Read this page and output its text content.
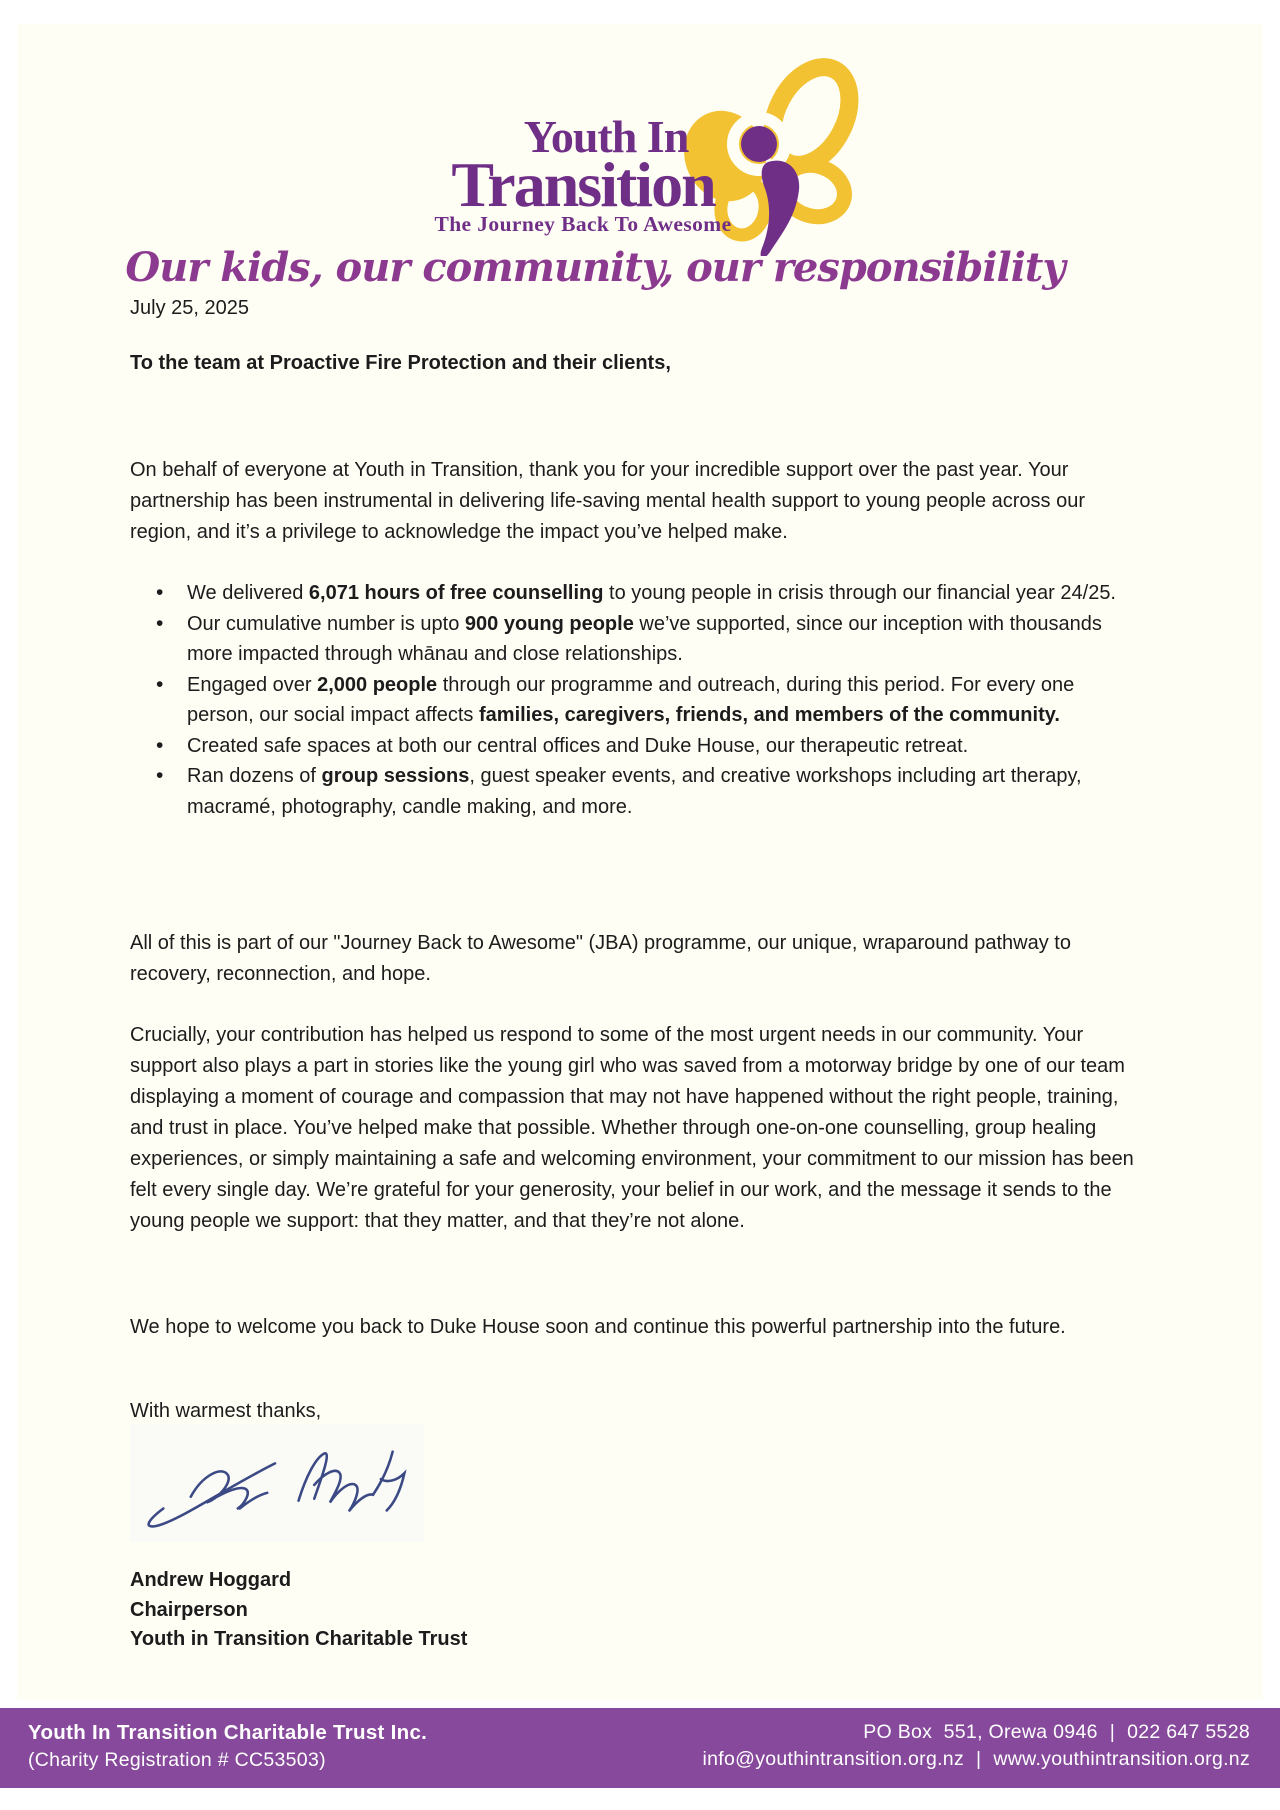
Youth In
Transition
The Journey Back To Awesome
Our kids, our community, our responsibility
July 25, 2025
To the team at Proactive Fire Protection and their clients,
On behalf of everyone at Youth in Transition, thank you for your incredible support over the past year. Your partnership has been instrumental in delivering life-saving mental health support to young people across our region, and it’s a privilege to acknowledge the impact you’ve helped make.
• We delivered 6,071 hours of free counselling to young people in crisis through our financial year 24/25.
• Our cumulative number is upto 900 young people we’ve supported, since our inception with thousands more impacted through whānau and close relationships.
• Engaged over 2,000 people through our programme and outreach, during this period. For every one person, our social impact affects families, caregivers, friends, and members of the community.
• Created safe spaces at both our central offices and Duke House, our therapeutic retreat.
• Ran dozens of group sessions, guest speaker events, and creative workshops including art therapy, macramé, photography, candle making, and more.
All of this is part of our "Journey Back to Awesome" (JBA) programme, our unique, wraparound pathway to recovery, reconnection, and hope.
Crucially, your contribution has helped us respond to some of the most urgent needs in our community. Your support also plays a part in stories like the young girl who was saved from a motorway bridge by one of our team displaying a moment of courage and compassion that may not have happened without the right people, training, and trust in place. You’ve helped make that possible. Whether through one-on-one counselling, group healing experiences, or simply maintaining a safe and welcoming environment, your commitment to our mission has been felt every single day. We’re grateful for your generosity, your belief in our work, and the message it sends to the young people we support: that they matter, and that they’re not alone.
We hope to welcome you back to Duke House soon and continue this powerful partnership into the future.
With warmest thanks,
Andrew Hoggard
Chairperson
Youth in Transition Charitable Trust
Youth In Transition Charitable Trust Inc.
(Charity Registration # CC53503)
PO Box  551, Orewa 0946 | 022 647 5528
info@youthintransition.org.nz | www.youthintransition.org.nz
